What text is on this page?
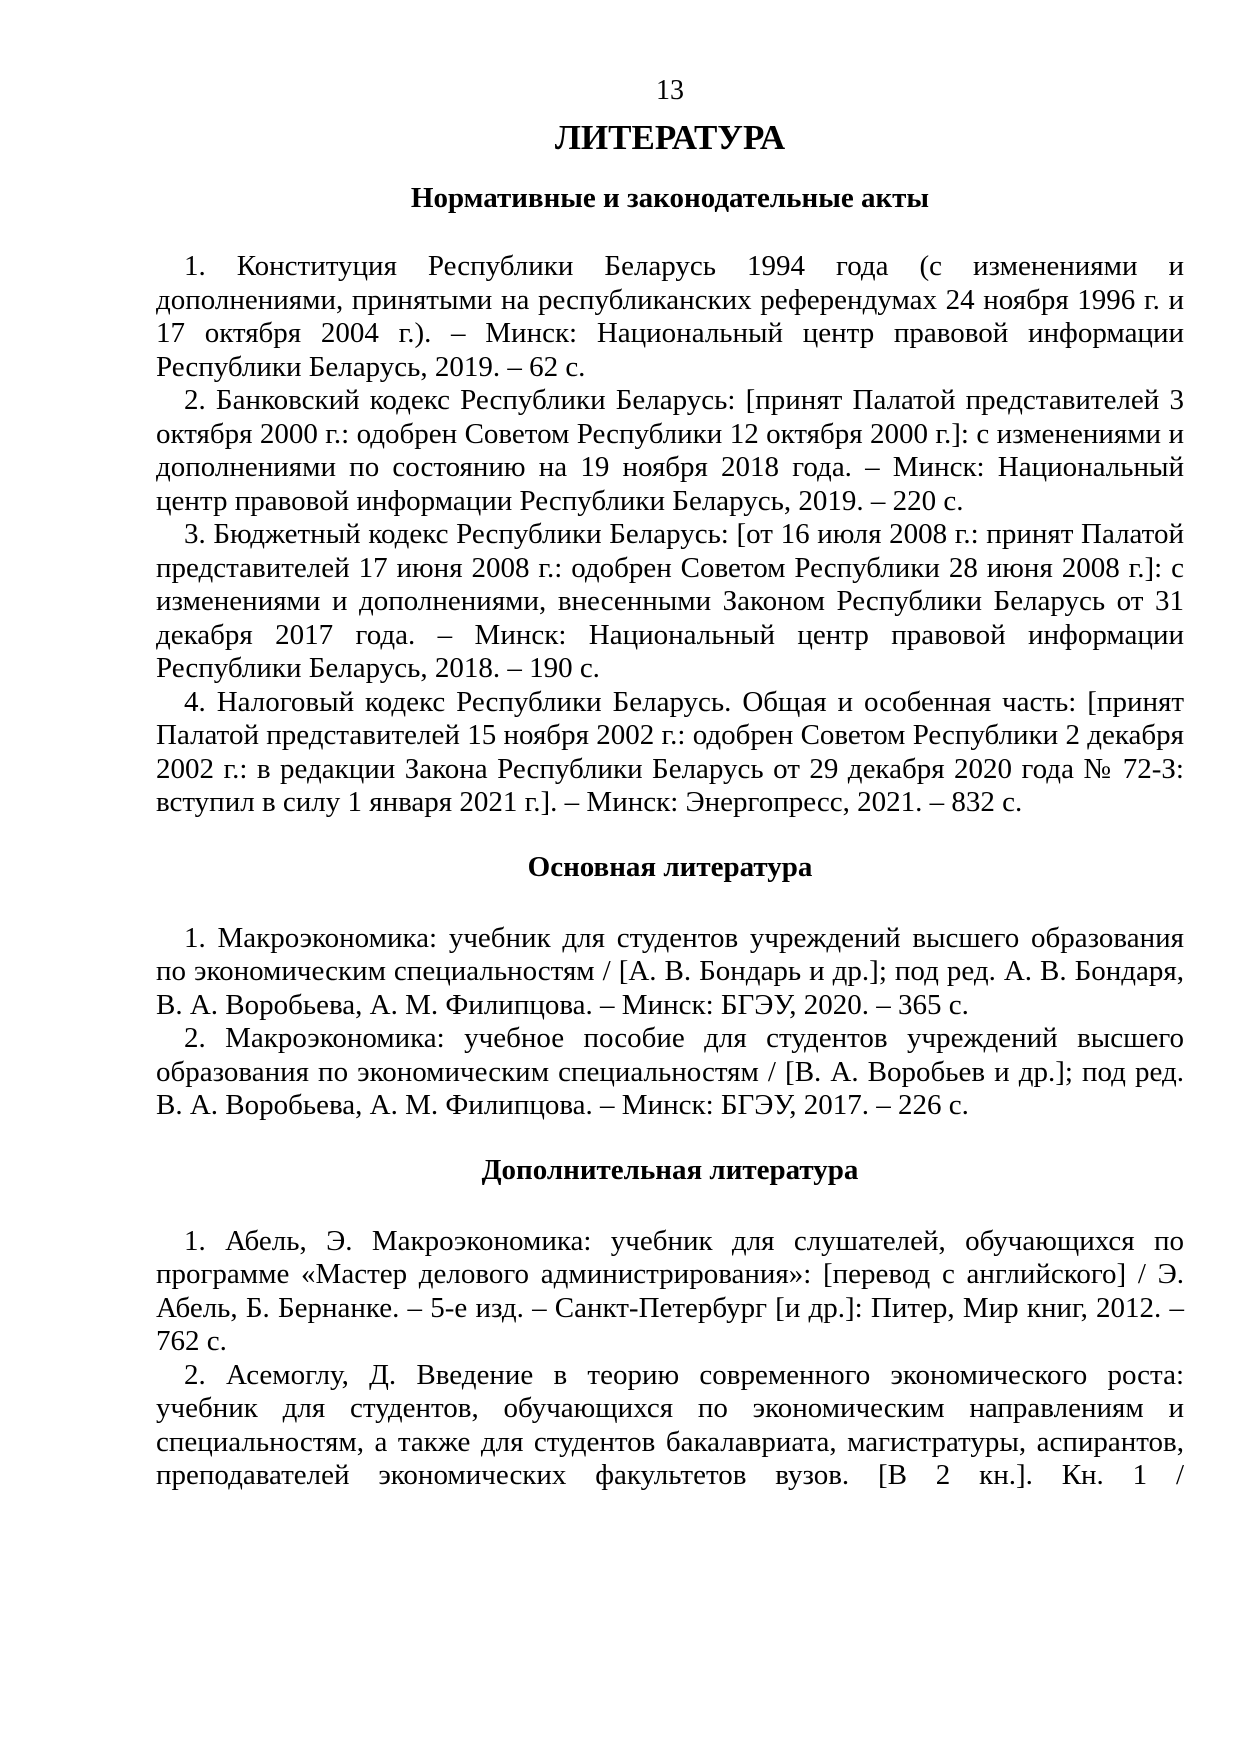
13
ЛИТЕРАТУРА
Нормативные и законодательные акты

1. Конституция Республики Беларусь 1994 года (с изменениями и дополнениями, принятыми на республиканских референдумах 24 ноября 1996 г. и 17 октября 2004 г.). – Минск: Национальный центр правовой информации Республики Беларусь, 2019. – 62 с.

2. Банковский кодекс Республики Беларусь: [принят Палатой представителей 3 октября 2000 г.: одобрен Советом Республики 12 октября 2000 г.]: с изменениями и дополнениями по состоянию на 19 ноября 2018 года. – Минск: Национальный центр правовой информации Республики Беларусь, 2019. – 220 с.

3. Бюджетный кодекс Республики Беларусь: [от 16 июля 2008 г.: принят Палатой представителей 17 июня 2008 г.: одобрен Советом Республики 28 июня 2008 г.]: с изменениями и дополнениями, внесенными Законом Республики Беларусь от 31 декабря 2017 года. – Минск: Национальный центр правовой информации Республики Беларусь, 2018. – 190 с.

4. Налоговый кодекс Республики Беларусь. Общая и особенная часть: [принят Палатой представителей 15 ноября 2002 г.: одобрен Советом Республики 2 декабря 2002 г.: в редакции Закона Республики Беларусь от 29 декабря 2020 года № 72-З: вступил в силу 1 января 2021 г.]. – Минск: Энергопресс, 2021. – 832 с.

Основная литература

1. Макроэкономика: учебник для студентов учреждений высшего образования по экономическим специальностям / [А. В. Бондарь и др.]; под ред. А. В. Бондаря, В. А. Воробьева, А. М. Филипцова. – Минск: БГЭУ, 2020. – 365 с.

2. Макроэкономика: учебное пособие для студентов учреждений высшего образования по экономическим специальностям / [В. А. Воробьев и др.]; под ред. В. А. Воробьева, А. М. Филипцова. – Минск: БГЭУ, 2017. – 226 с.

Дополнительная литература

1. Абель, Э. Макроэкономика: учебник для слушателей, обучающихся по программе «Мастер делового администрирования»: [перевод с английского] / Э. Абель, Б. Бернанке. – 5-е изд. – Санкт-Петербург [и др.]: Питер, Мир книг, 2012. – 762 с.

2. Асемоглу, Д. Введение в теорию современного экономического роста: учебник для студентов, обучающихся по экономическим направлениям и специальностям, а также для студентов бакалавриата, магистратуры, аспирантов, преподавателей экономических факультетов вузов. [В 2 кн.]. Кн. 1 /
